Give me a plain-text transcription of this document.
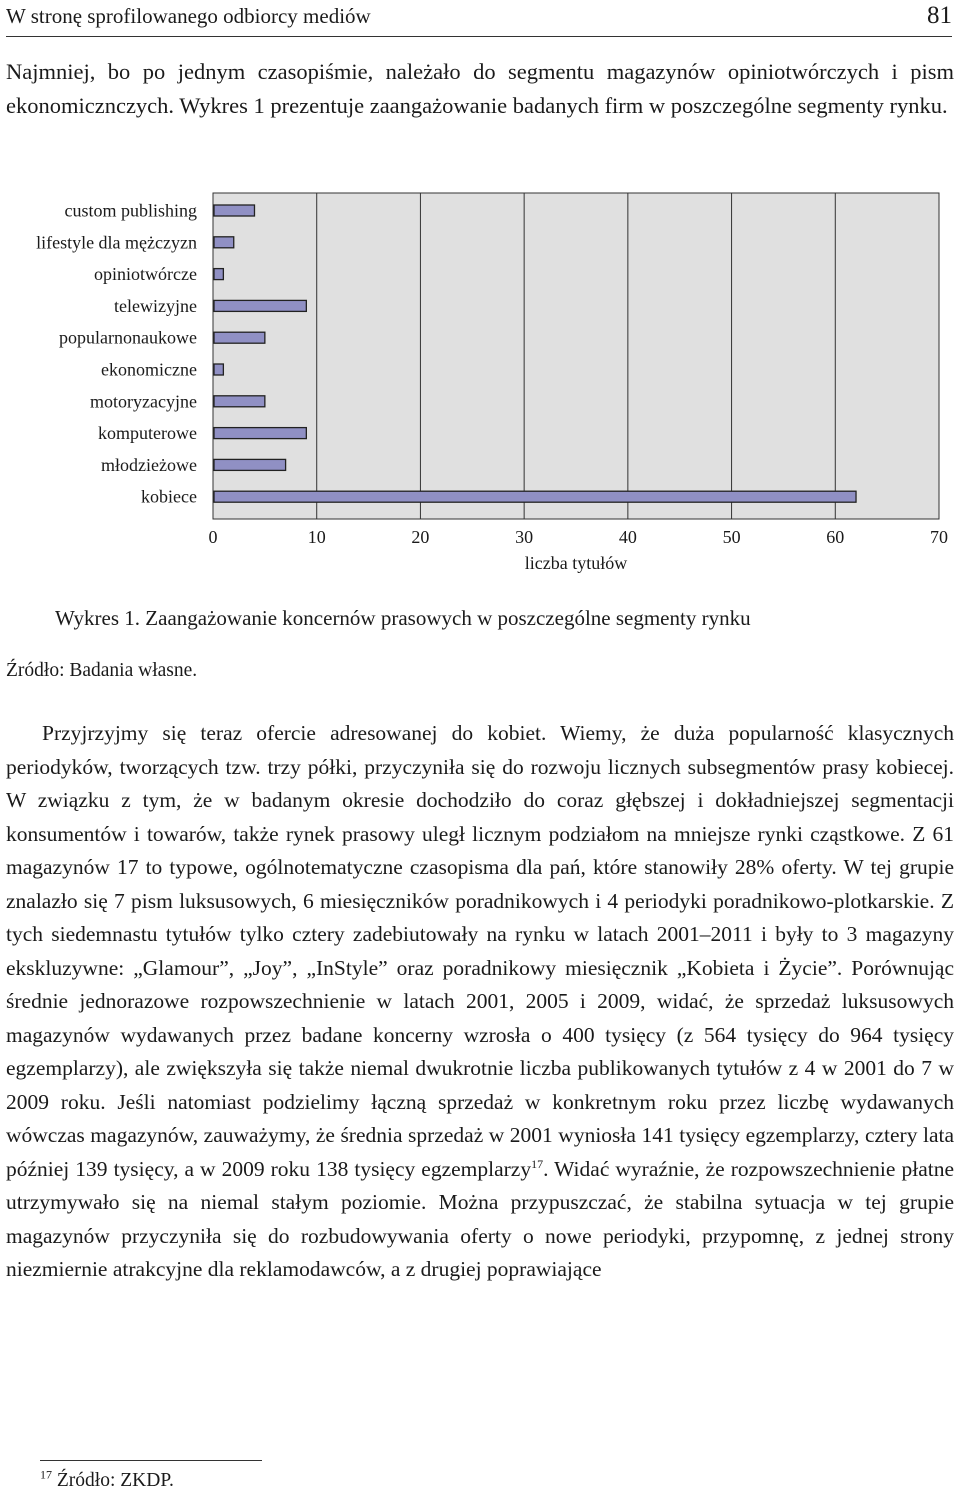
W stronę sprofilowanego odbiorcy mediów	81

Najmniej, bo po jednym czasopiśmie, należało do segmentu magazynów opiniotwórczych i pism ekonomicznczych. Wykres 1 prezentuje zaangażowanie badanych firm w poszczególne segmenty rynku.

custom publishing
lifestyle dla mężczyzn
opiniotwórcze
telewizyjne
popularnonaukowe
ekonomiczne
motoryzacyjne
komputerowe
młodzieżowe
kobiece
0	10	20	30	40	50	60	70
liczba tytułów
Wykres 1. Zaangażowanie koncernów prasowych w poszczególne segmenty rynku
Źródło: Badania własne.

Przyjrzyjmy się teraz ofercie adresowanej do kobiet. Wiemy, że duża popularność klasycznych periodyków, tworzących tzw. trzy półki, przyczyniła się do rozwoju licznych subsegmentów prasy kobiecej. W związku z tym, że w badanym okresie dochodziło do coraz głębszej i dokładniejszej segmentacji konsumentów i towarów, także rynek prasowy uległ licznym podziałom na mniejsze rynki cząstkowe. Z 61 magazynów 17 to typowe, ogólnotematyczne czasopisma dla pań, które stanowiły 28% oferty. W tej grupie znalazło się 7 pism luksusowych, 6 miesięczników poradnikowych i 4 periodyki poradnikowo-plotkarskie. Z tych siedemnastu tytułów tylko cztery zadebiutowały na rynku w latach 2001–2011 i były to 3 magazyny ekskluzywne: „Glamour”, „Joy”, „InStyle” oraz poradnikowy miesięcznik „Kobieta i Życie”. Porównując średnie jednorazowe rozpowszechnienie w latach 2001, 2005 i 2009, widać, że sprzedaż luksusowych magazynów wydawanych przez badane koncerny wzrosła o 400 tysięcy (z 564 tysięcy do 964 tysięcy egzemplarzy), ale zwiększyła się także niemal dwukrotnie liczba publikowanych tytułów z 4 w 2001 do 7 w 2009 roku. Jeśli natomiast podzielimy łączną sprzedaż w konkretnym roku przez liczbę wydawanych wówczas magazynów, zauważymy, że średnia sprzedaż w 2001 wyniosła 141 tysięcy egzemplarzy, cztery lata później 139 tysięcy, a w 2009 roku 138 tysięcy egzemplarzy$^{17}$. Widać wyraźnie, że rozpowszechnienie płatne utrzymywało się na niemal stałym poziomie. Można przypuszczać, że stabilna sytuacja w tej grupie magazynów przyczyniła się do rozbudowywania oferty o nowe periodyki, przypomnę, z jednej strony niezmiernie atrakcyjne dla reklamodawców, a z drugiej poprawiające

$^{17}$ Źródło: ZKDP.
